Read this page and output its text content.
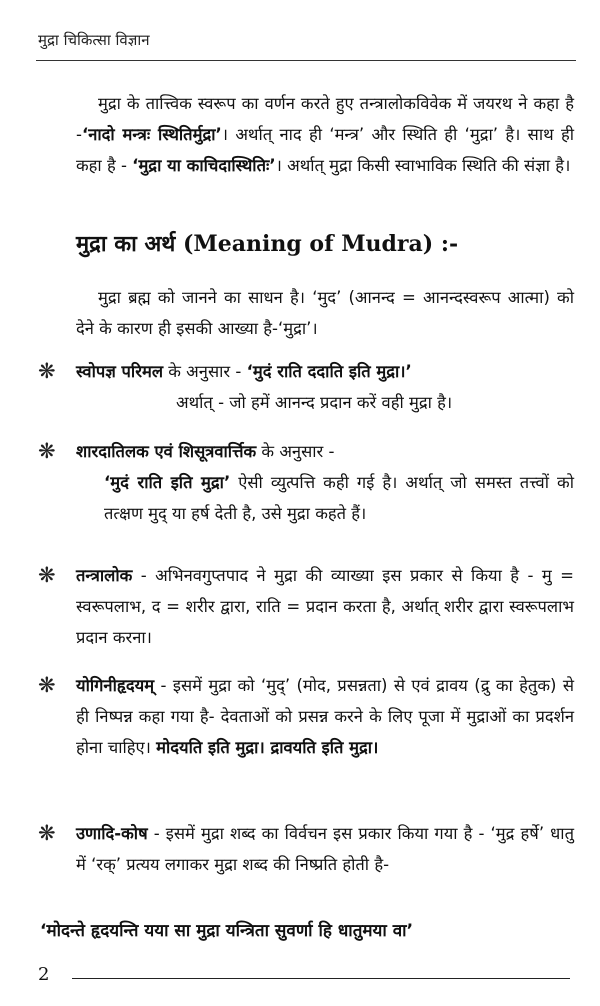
मुद्रा चिकित्सा विज्ञान
मुद्रा के तात्त्विक स्वरूप का वर्णन करते हुए तन्त्रालोकविवेक में जयरथ ने कहा है -‘नादो मन्त्रः स्थितिर्मुद्रा’। अर्थात् नाद ही ‘मन्त्र’ और स्थिति ही ‘मुद्रा’ है। साथ ही कहा है - ‘मुद्रा या काचिदास्थितिः’। अर्थात् मुद्रा किसी स्वाभाविक स्थिति की संज्ञा है।
मुद्रा का अर्थ (Meaning of Mudra) :-
मुद्रा ब्रह्म को जानने का साधन है। ‘मुद’ (आनन्द = आनन्दस्वरूप आत्मा) को देने के कारण ही इसकी आख्या है-‘मुद्रा’।
❋ स्वोपज्ञ परिमल के अनुसार - ‘मुदं राति ददाति इति मुद्रा।’
अर्थात् - जो हमें आनन्द प्रदान करें वही मुद्रा है।
❋ शारदातिलक एवं शिसूत्रवार्त्तिक के अनुसार -
‘मुदं राति इति मुद्रा’ ऐसी व्युत्पत्ति कही गई है। अर्थात् जो समस्त तत्त्वों को तत्क्षण मुद् या हर्ष देती है, उसे मुद्रा कहते हैं।
❋ तन्त्रालोक - अभिनवगुप्तपाद ने मुद्रा की व्याख्या इस प्रकार से किया है - मु = स्वरूपलाभ, द = शरीर द्वारा, राति = प्रदान करता है, अर्थात् शरीर द्वारा स्वरूपलाभ प्रदान करना।
❋ योगिनीहृदयम् - इसमें मुद्रा को ‘मुद्’ (मोद, प्रसन्नता) से एवं द्रावय (द्रु का हेतुक) से ही निष्पन्न कहा गया है- देवताओं को प्रसन्न करने के लिए पूजा में मुद्राओं का प्रदर्शन होना चाहिए। मोदयति इति मुद्रा। द्रावयति इति मुद्रा।
❋ उणादि-कोष - इसमें मुद्रा शब्द का विर्वचन इस प्रकार किया गया है - ‘मुद्र हर्षे’ धातु में ‘रक्’ प्रत्यय लगाकर मुद्रा शब्द की निष्प्रति होती है-
‘मोदन्ते हृदयन्ति यया सा मुद्रा यन्त्रिता सुवर्णा हि धातुमया वा’
2
